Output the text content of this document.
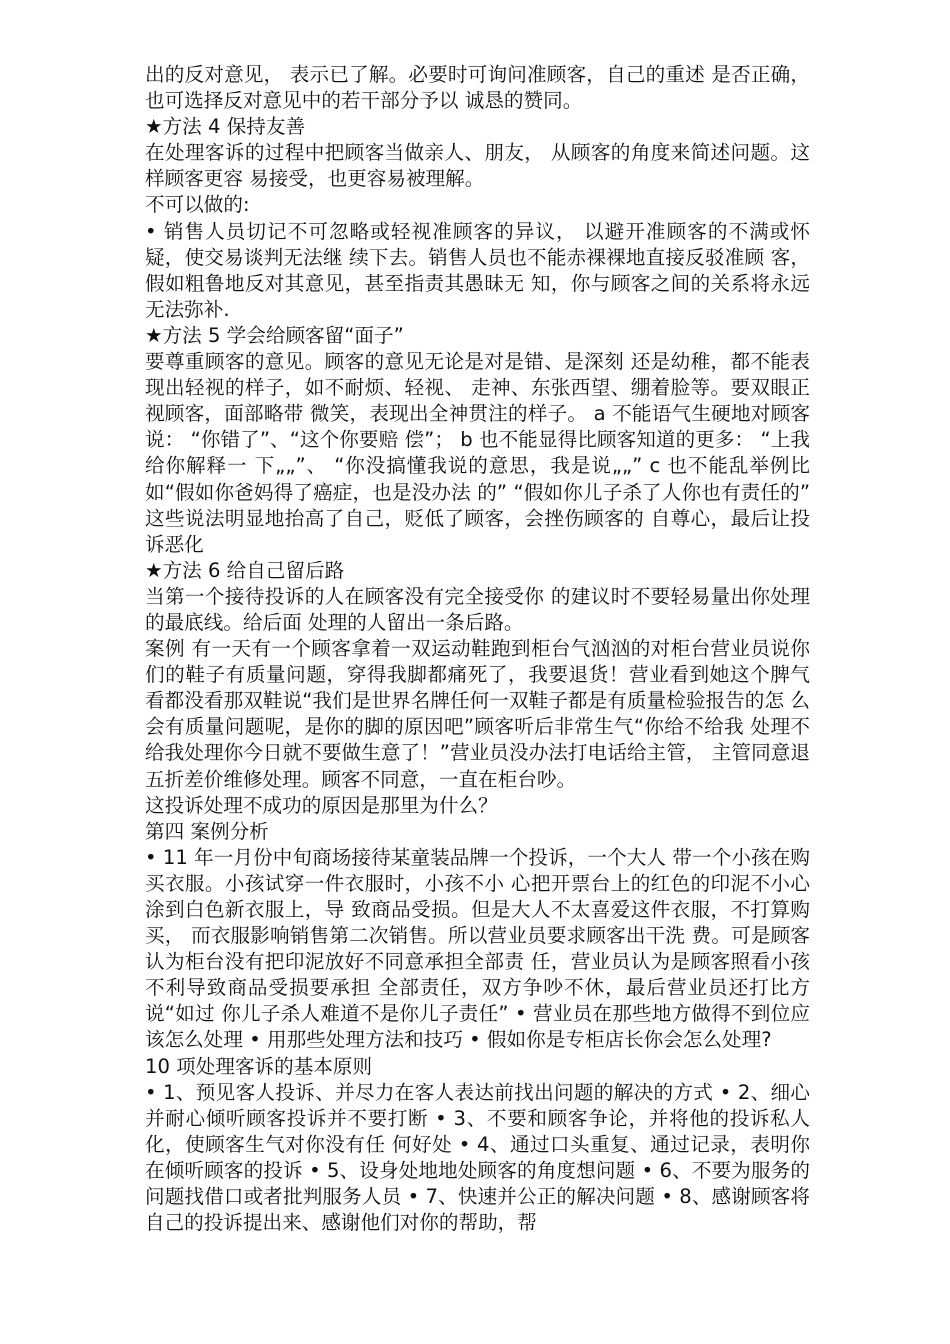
出的反对意见， 表示已了解。必要时可询问准顾客，自己的重述 是否正确，也可选择反对意见中的若干部分予以 诚恳的赞同。

★方法 4 保持友善

在处理客诉的过程中把顾客当做亲人、朋友， 从顾客的角度来简述问题。这样顾客更容 易接受，也更容易被理解。

不可以做的:

• 销售人员切记不可忽略或轻视准顾客的异议， 以避开准顾客的不满或怀疑，使交易谈判无法继 续下去。销售人员也不能赤裸裸地直接反驳准顾 客，假如粗鲁地反对其意见，甚至指责其愚昧无 知，你与顾客之间的关系将永远无法弥补.

★方法 5 学会给顾客留“面子”

要尊重顾客的意见。顾客的意见无论是对是错、是深刻 还是幼稚，都不能表现出轻视的样子，如不耐烦、轻视、 走神、东张西望、绷着脸等。要双眼正视顾客，面部略带 微笑，表现出全神贯注的样子。 a 不能语气生硬地对顾客说： “你错了”、“这个你要赔 偿”； b 也不能显得比顾客知道的更多： “上我给你解释一 下„„”、 “你没搞懂我说的意思，我是说„„” c 也不能乱举例比如“假如你爸妈得了癌症，也是没办法 的” “假如你儿子杀了人你也有责任的” 这些说法明显地抬高了自己，贬低了顾客，会挫伤顾客的 自尊心，最后让投诉恶化

★方法 6 给自己留后路

当第一个接待投诉的人在顾客没有完全接受你 的建议时不要轻易量出你处理的最底线。给后面 处理的人留出一条后路。

案例 有一天有一个顾客拿着一双运动鞋跑到柜台气汹汹的对柜台营业员说你 们的鞋子有质量问题，穿得我脚都痛死了，我要退货！营业看到她这个脾气 看都没看那双鞋说“我们是世界名牌任何一双鞋子都是有质量检验报告的怎 么会有质量问题呢，是你的脚的原因吧”顾客听后非常生气“你给不给我 处理不给我处理你今日就不要做生意了！”营业员没办法打电话给主管， 主管同意退五折差价维修处理。顾客不同意，一直在柜台吵。

这投诉处理不成功的原因是那里为什么？

第四 案例分析

• 11 年一月份中旬商场接待某童装品牌一个投诉，一个大人 带一个小孩在购买衣服。小孩试穿一件衣服时，小孩不小 心把开票台上的红色的印泥不小心涂到白色新衣服上，导 致商品受损。但是大人不太喜爱这件衣服，不打算购买， 而衣服影响销售第二次销售。所以营业员要求顾客出干洗 费。可是顾客认为柜台没有把印泥放好不同意承担全部责 任，营业员认为是顾客照看小孩不利导致商品受损要承担 全部责任，双方争吵不休，最后营业员还打比方说“如过 你儿子杀人难道不是你儿子责任” • 营业员在那些地方做得不到位应该怎么处理 • 用那些处理方法和技巧 • 假如你是专柜店长你会怎么处理?

10 项处理客诉的基本原则

• 1、预见客人投诉、并尽力在客人表达前找出问题的解决的方式 • 2、细心并耐心倾听顾客投诉并不要打断 • 3、不要和顾客争论，并将他的投诉私人化，使顾客生气对你没有任 何好处 • 4、通过口头重复、通过记录，表明你在倾听顾客的投诉 • 5、设身处地地处顾客的角度想问题 • 6、不要为服务的问题找借口或者批判服务人员 • 7、快速并公正的解决问题 • 8、感谢顾客将自己的投诉提出来、感谢他们对你的帮助，帮
